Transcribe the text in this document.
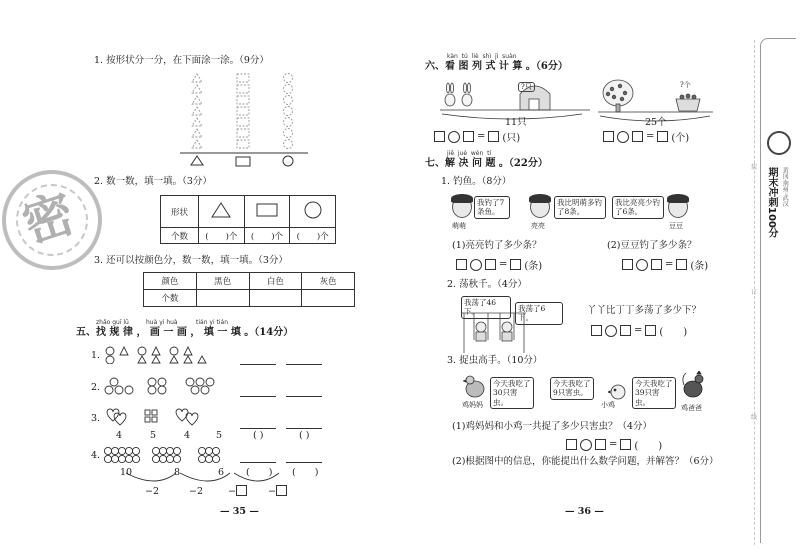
密
1. 按形状分一分，在下面涂一涂。（9分）
2. 数一数，填一填。（3分）
形状			
个数	(　　)个	(　　)个	(　　)个
3. 还可以按颜色分，数一数，填一填。（3分）
颜色	黑色	白色	灰色
个数			
zhǎo guī lǜ	huà yi huà	tián yi tián
五、找 规 律 ， 画 一 画 ， 填 一 填 。（14分）
1.
2.
3.
4	5	4	5	( )	( )
4.
10	8	6 (　　) (　　)
−2	−2	−	−
— 35 —
kàn tú liè shì jì suàn
六、看 图 列 式 计 算 。（6分）
?只
11只
= (只)
?个
25个
= (个)
jiě jué wèn tí
七、解 决 问 题 。（22分）
1. 钓鱼。（8分）
我钓了7条鱼。
萌萌
我比明萌多钓了8条。
亮亮
我比亮亮少钓了6条。
豆豆
(1)亮亮钓了多少条？	(2)豆豆钓了多少条？
= (条)	= (条)
2. 荡秋千。（4分）
我荡了46下。	我荡了6下。
丫丫比丁丁多荡了多少下？
= (　　)
3. 捉虫高手。（10分）
今天我吃了30只害虫。
鸡妈妈
今天我吃了9只害虫。
小鸡
今天我吃了39只害虫。
鸡爸爸
(1)鸡妈妈和小鸡一共捉了多少只害虫？（4分）
= (　　)
(2)根据图中的信息，你能提出什么数学问题，并解答？（6分）
— 36 —
期末冲刺100分 黄冈·荆州·武汉
装
订
线
